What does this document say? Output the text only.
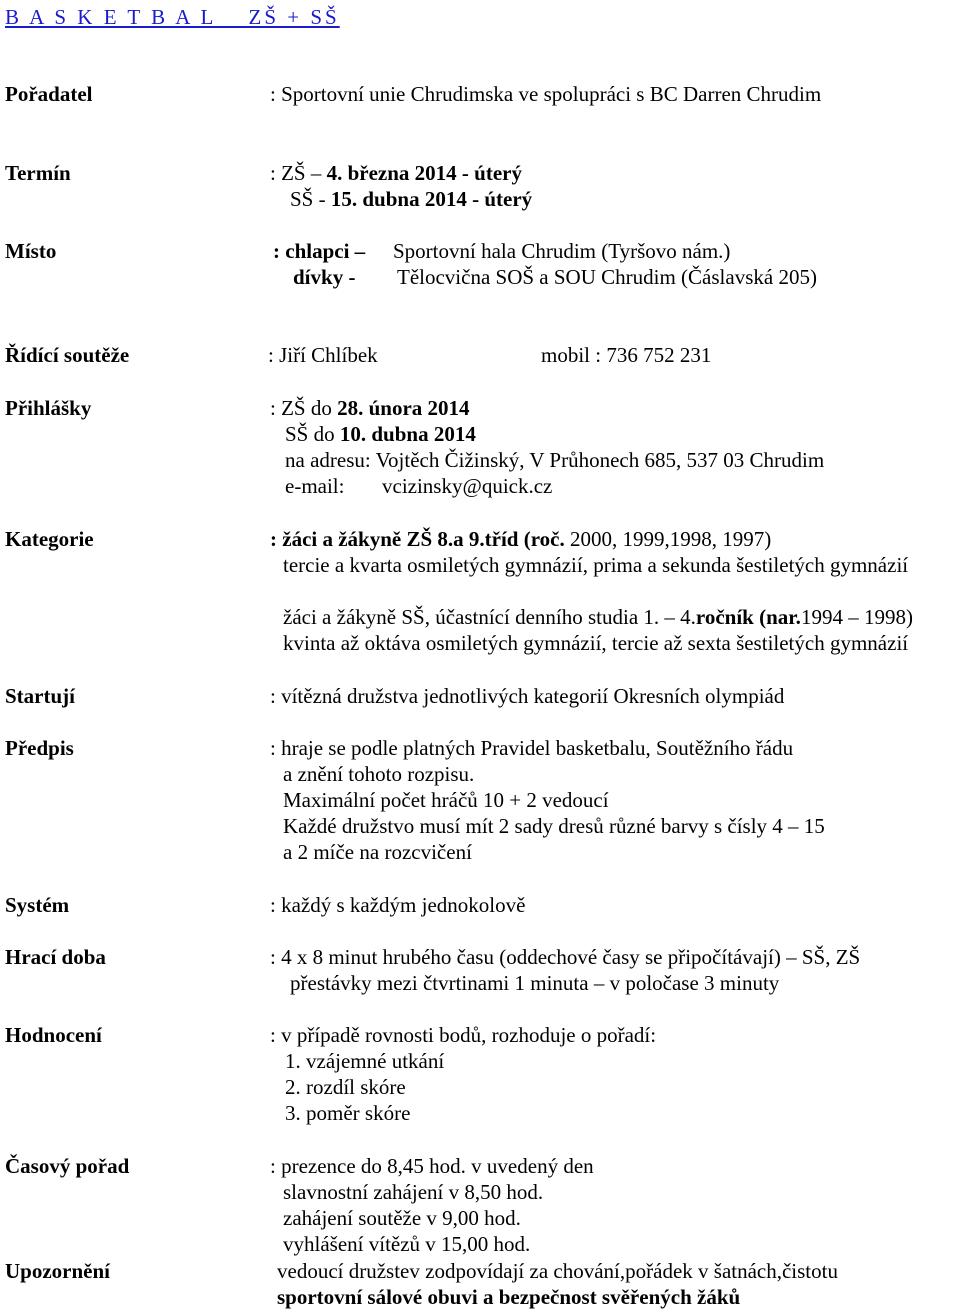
B A S K E T B A L    ZŠ + SŠ
Pořadatel	: Sportovní unie Chrudimska ve spolupráci s BC Darren Chrudim
Termín	: ZŠ – 4. března 2014 - úterý
SŠ - 15. dubna 2014 - úterý
Místo	: chlapci – Sportovní hala Chrudim (Tyršovo nám.)
dívky - Tělocvična SOŠ a SOU Chrudim (Čáslavská 205)
Řídící soutěže	: Jiří Chlíbek	mobil : 736 752 231
Přihlášky	: ZŠ do 28. února 2014
SŠ do 10. dubna 2014
na adresu: Vojtěch Čižinský, V Průhonech 685, 537 03 Chrudim
e-mail: vcizinsky@quick.cz
Kategorie	: žáci a žákyně ZŠ 8.a 9.tříd (roč. 2000, 1999,1998, 1997)
tercie a kvarta osmiletých gymnázií, prima a sekunda šestiletých gymnázií
žáci a žákyně SŠ, účastnící denního studia 1. – 4.ročník (nar.1994 – 1998)
kvinta až oktáva osmiletých gymnázií, tercie až sexta šestiletých gymnázií
Startují	: vítězná družstva jednotlivých kategorií Okresních olympiád
Předpis	: hraje se podle platných Pravidel basketbalu, Soutěžního řádu
a znění tohoto rozpisu.
Maximální počet hráčů 10 + 2 vedoucí
Každé družstvo musí mít 2 sady dresů různé barvy s čísly 4 – 15
a 2 míče na rozcvičení
Systém	: každý s každým jednokolově
Hrací doba	: 4 x 8 minut hrubého času (oddechové časy se připočítávají) – SŠ, ZŠ
přestávky mezi čtvrtinami 1 minuta – v poločase 3 minuty
Hodnocení	: v případě rovnosti bodů, rozhoduje o pořadí:
1. vzájemné utkání
2. rozdíl skóre
3. poměr skóre
Časový pořad	: prezence do 8,45 hod. v uvedený den
slavnostní zahájení v 8,50 hod.
zahájení soutěže v 9,00 hod.
vyhlášení vítězů v 15,00 hod.
Upozornění	vedoucí družstev zodpovídají za chování,pořádek v šatnách,čistotu
sportovní sálové obuvi a bezpečnost svěřených žáků
